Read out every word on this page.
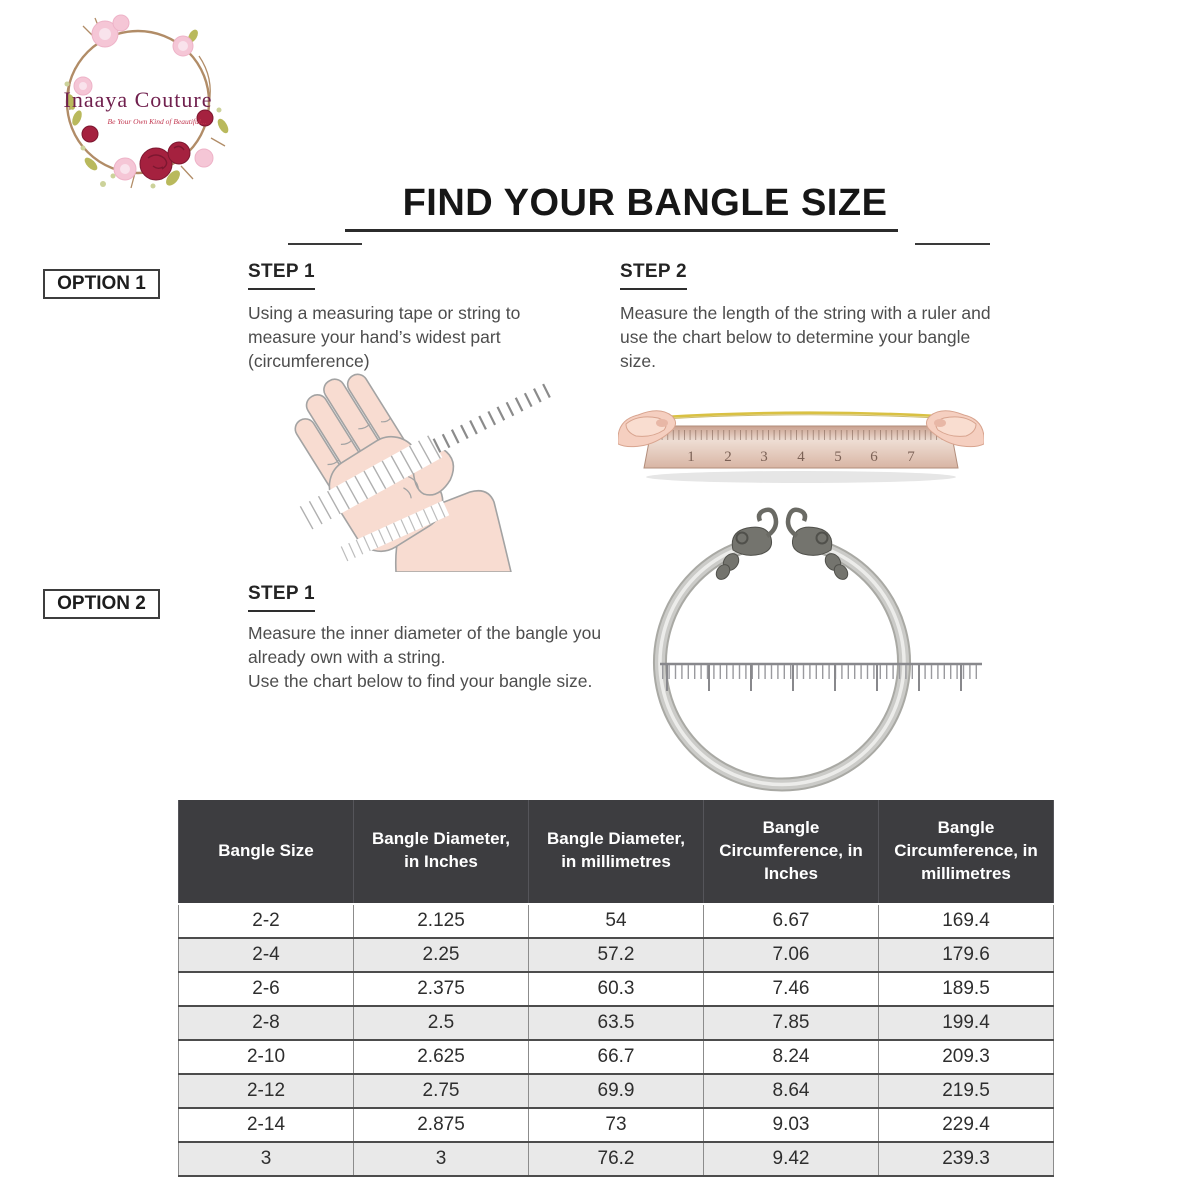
Inaaya Couture
Be Your Own Kind of Beautiful...
FIND YOUR BANGLE SIZE
OPTION 1
STEP 1
Using a measuring tape or string to measure your hand’s widest part (circumference)
STEP 2
Measure the length of the string with a ruler and use the chart below to determine your bangle size.
1 2 3 4 5 6 7
OPTION 2	STEP 1
Measure the inner diameter of the bangle you already own with a string.
Use the chart below to find your bangle size.
Bangle Size	Bangle Diameter, in Inches	Bangle Diameter, in millimetres	Bangle Circumference, in Inches	Bangle Circumference, in millimetres
2-2	2.125	54	6.67	169.4
2-4	2.25	57.2	7.06	179.6
2-6	2.375	60.3	7.46	189.5
2-8	2.5	63.5	7.85	199.4
2-10	2.625	66.7	8.24	209.3
2-12	2.75	69.9	8.64	219.5
2-14	2.875	73	9.03	229.4
3	3	76.2	9.42	239.3
